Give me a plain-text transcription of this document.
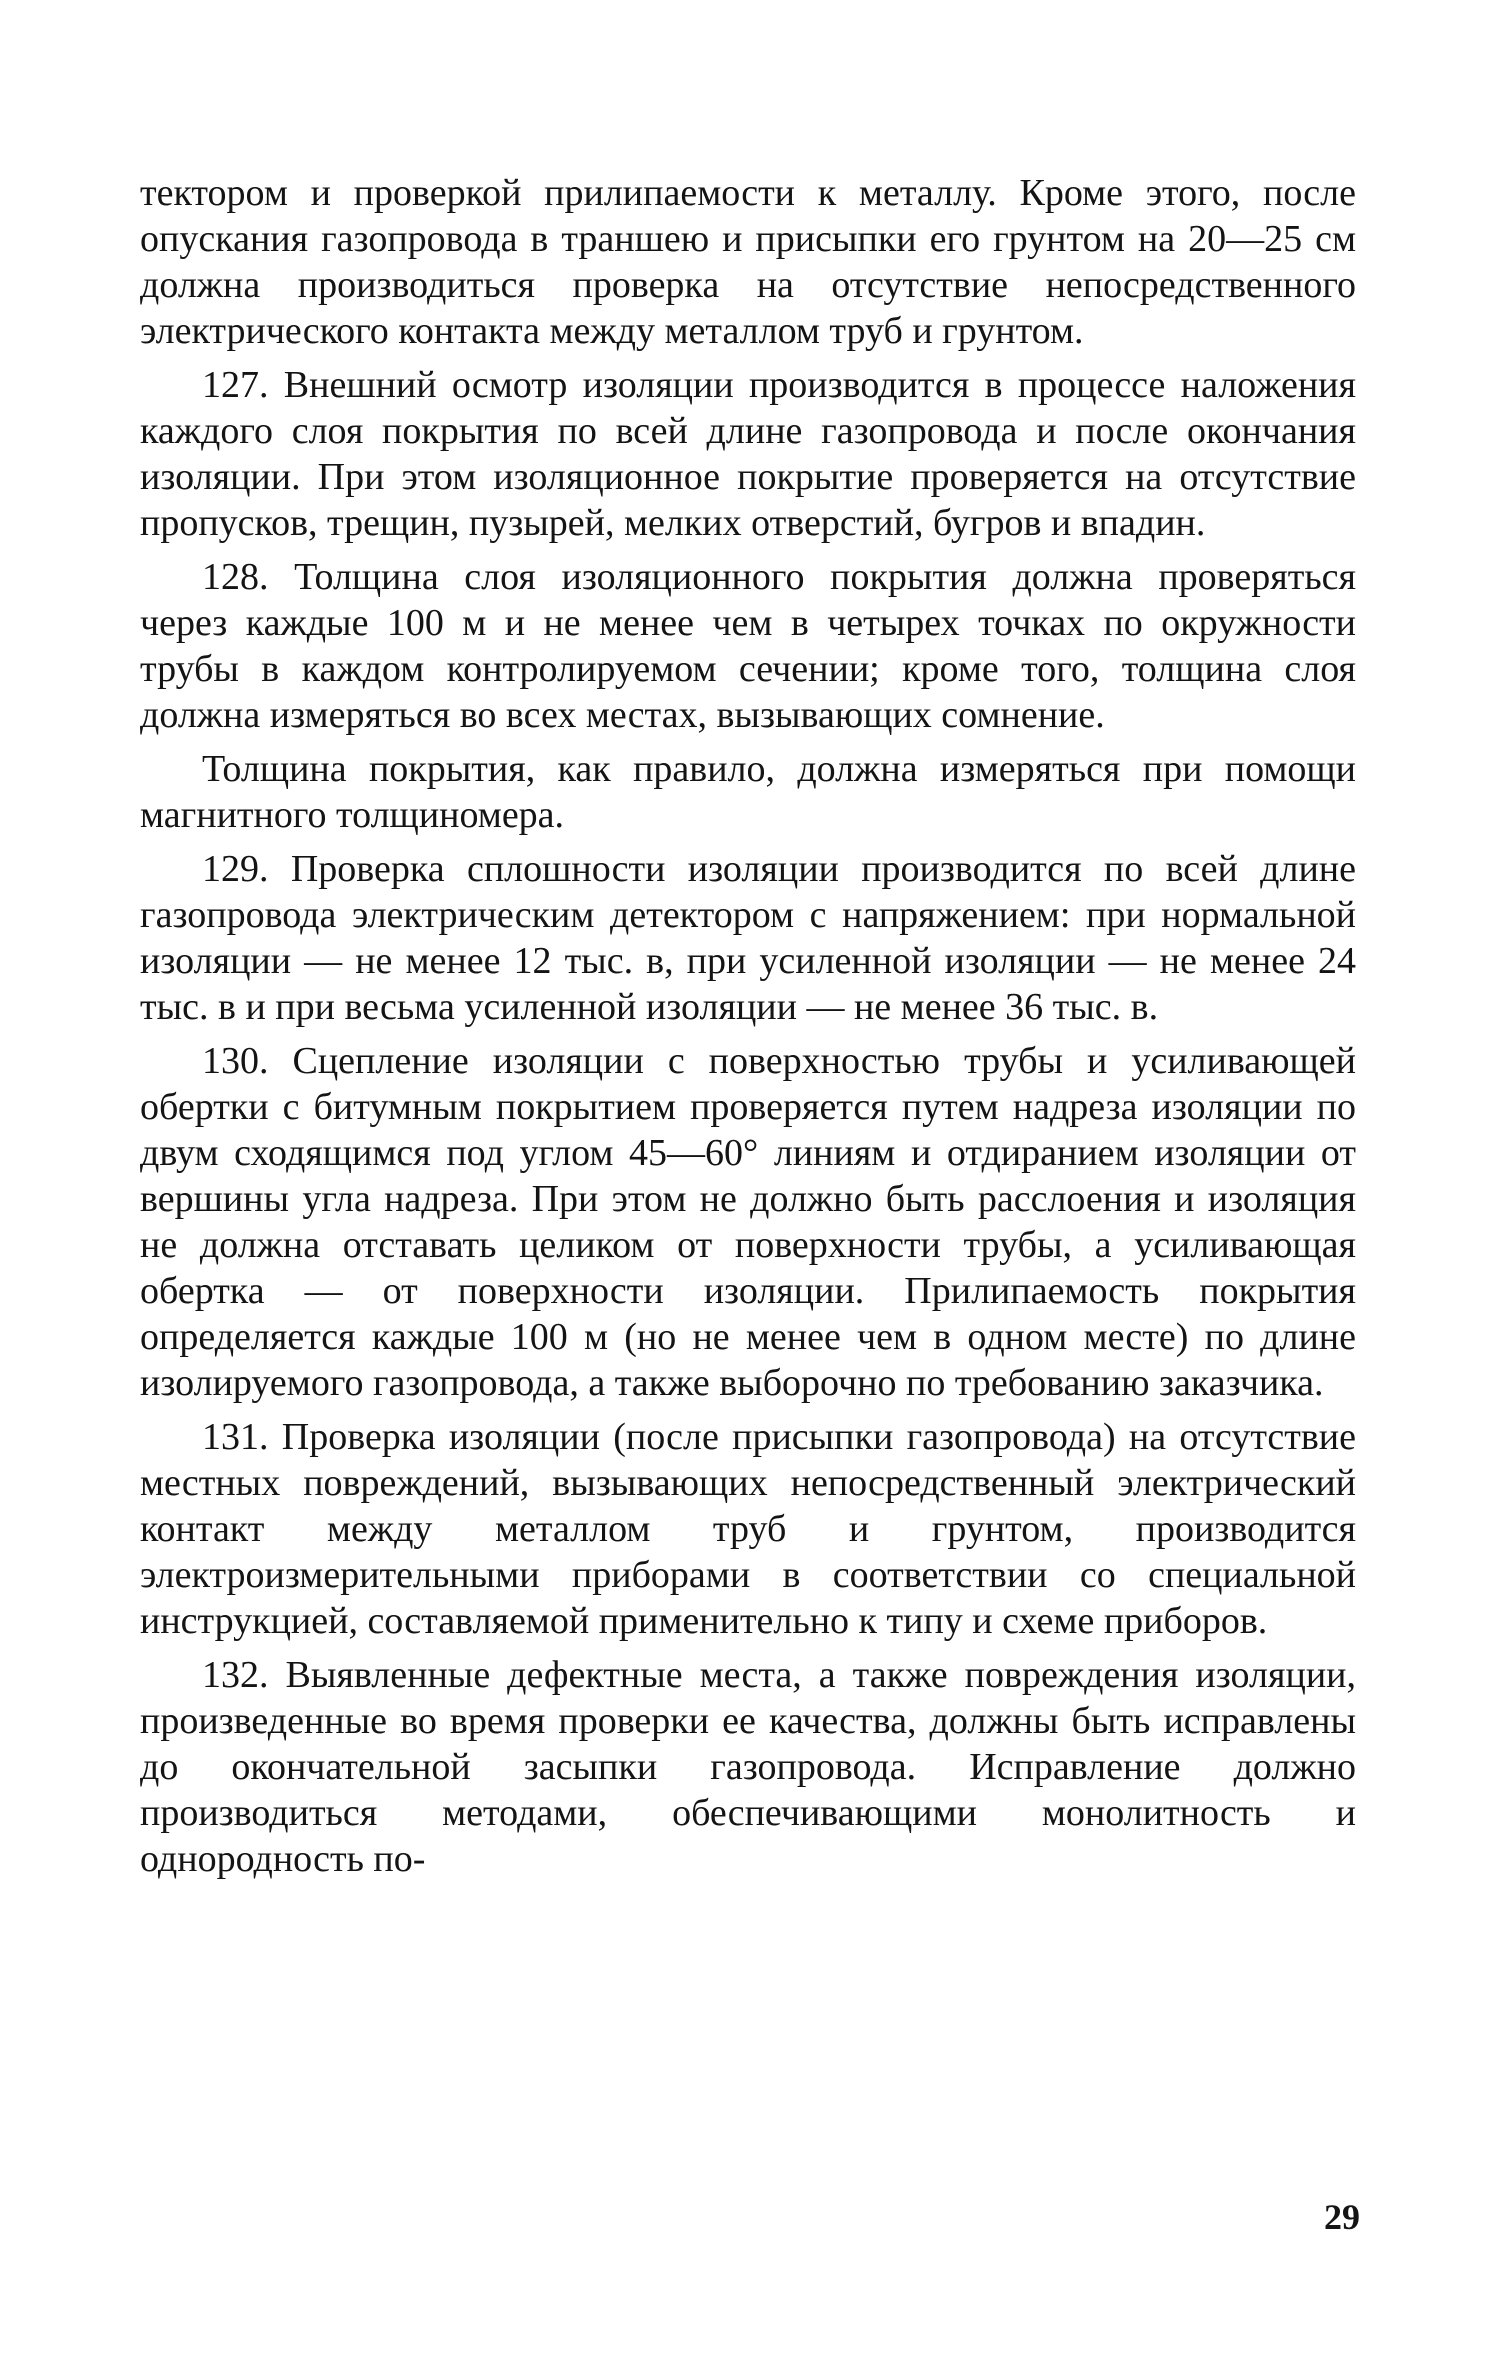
тектором и проверкой прилипаемости к металлу. Кроме этого, после опускания газопровода в траншею и присыпки его грунтом на 20—25 см должна производиться проверка на отсутствие непосредственного электрического контакта между металлом труб и грунтом.

127. Внешний осмотр изоляции производится в процессе наложения каждого слоя покрытия по всей длине газопровода и после окончания изоляции. При этом изоляционное покрытие проверяется на отсутствие пропусков, трещин, пузырей, мелких отверстий, бугров и впадин.

128. Толщина слоя изоляционного покрытия должна проверяться через каждые 100 м и не менее чем в четырех точках по окружности трубы в каждом контролируемом сечении; кроме того, толщина слоя должна измеряться во всех местах, вызывающих сомнение.

Толщина покрытия, как правило, должна измеряться при помощи магнитного толщиномера.

129. Проверка сплошности изоляции производится по всей длине газопровода электрическим детектором с напряжением: при нормальной изоляции — не менее 12 тыс. в, при усиленной изоляции — не менее 24 тыс. в и при весьма усиленной изоляции — не менее 36 тыс. в.

130. Сцепление изоляции с поверхностью трубы и усиливающей обертки с битумным покрытием проверяется путем надреза изоляции по двум сходящимся под углом 45—60° линиям и отдиранием изоляции от вершины угла надреза. При этом не должно быть расслоения и изоляция не должна отставать целиком от поверхности трубы, а усиливающая обертка — от поверхности изоляции. Прилипаемость покрытия определяется каждые 100 м (но не менее чем в одном месте) по длине изолируемого газопровода, а также выборочно по требованию заказчика.

131. Проверка изоляции (после присыпки газопровода) на отсутствие местных повреждений, вызывающих непосредственный электрический контакт между металлом труб и грунтом, производится электроизмерительными приборами в соответствии со специальной инструкцией, составляемой применительно к типу и схеме приборов.

132. Выявленные дефектные места, а также повреждения изоляции, произведенные во время проверки ее качества, должны быть исправлены до окончательной засыпки газопровода. Исправление должно производиться методами, обеспечивающими монолитность и однородность по-

29
